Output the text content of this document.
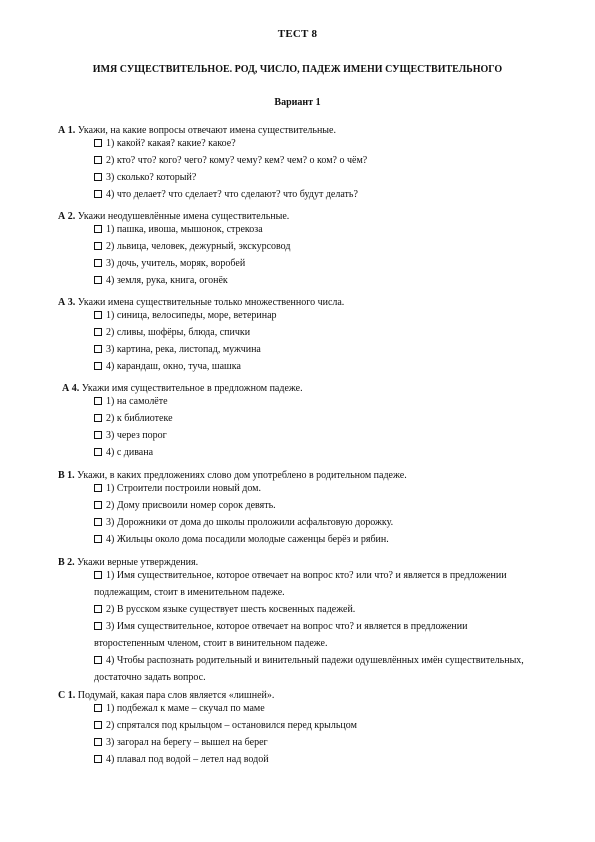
ТЕСТ 8
ИМЯ СУЩЕСТВИТЕЛЬНОЕ. РОД, ЧИСЛО, ПАДЕЖ ИМЕНИ СУЩЕСТВИТЕЛЬНОГО
Вариант 1
А 1. Укажи, на какие вопросы отвечают имена существительные.
1) какой? какая? какие? какое?
2) кто? что? кого? чего? кому? чему? кем? чем? о ком? о чём?
3) сколько? который?
4) что делает? что сделает? что сделают? что будут делать?
А 2. Укажи неодушевлённые имена существительные.
1) пашка, ивоша, мышонок, стрекоза
2) львица, человек, дежурный, экскурсовод
3) дочь, учитель, моряк, воробей
4) земля, рука, книга, огонёк
А 3. Укажи имена существительные только множественного числа.
1) синица, велосипеды, море, ветеринар
2) сливы, шофёры, блюда, спички
3) картина, река, листопад, мужчина
4) карандаш, окно, туча, шашка
А 4. Укажи имя существительное в предложном падеже.
1) на самолёте
2) к библиотеке
3) через порог
4) с дивана
В 1. Укажи, в каких предложениях слово дом употреблено в родительном падеже.
1) Строители построили новый дом.
2) Дому присвоили номер сорок девять.
3) Дорожники от дома до школы проложили асфальтовую дорожку.
4) Жильцы около дома посадили молодые саженцы берёз и рябин.
В 2. Укажи верные утверждения.
1) Имя существительное, которое отвечает на вопрос кто? или что? и является в предложении подлежащим, стоит в именительном падеже.
2) В русском языке существует шесть косвенных падежей.
3) Имя существительное, которое отвечает на вопрос что? и является в предложении второстепенным членом, стоит в винительном падеже.
4) Чтобы распознать родительный и винительный падежи одушевлённых имён существительных, достаточно задать вопрос.
С 1. Подумай, какая пара слов является «лишней».
1) подбежал к маме – скучал по маме
2) спрятался под крыльцом – остановился перед крыльцом
3) загорал на берегу – вышел на берег
4) плавал под водой – летел над водой
